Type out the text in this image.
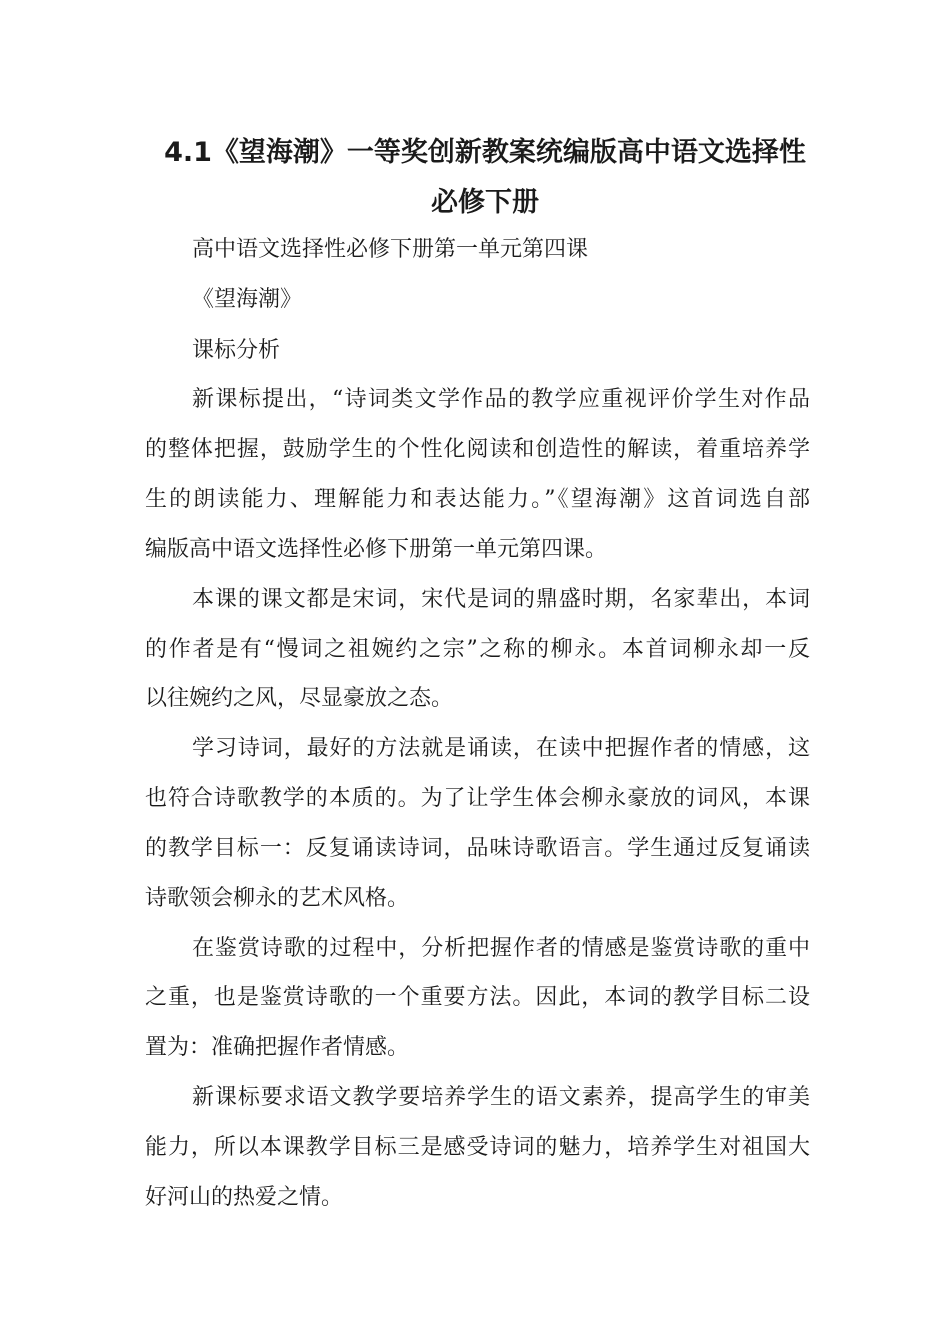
4.1《望海潮》一等奖创新教案统编版高中语文选择性
必修下册

高中语文选择性必修下册第一单元第四课

《望海潮》

课标分析

新课标提出，“诗词类文学作品的教学应重视评价学生对作品

的整体把握，鼓励学生的个性化阅读和创造性的解读，着重培养学

生的朗读能力、理解能力和表达能力。”《望海潮》这首词选自部

编版高中语文选择性必修下册第一单元第四课。

本课的课文都是宋词，宋代是词的鼎盛时期，名家辈出，本词

的作者是有“慢词之祖婉约之宗”之称的柳永。本首词柳永却一反

以往婉约之风，尽显豪放之态。

学习诗词，最好的方法就是诵读，在读中把握作者的情感，这

也符合诗歌教学的本质的。为了让学生体会柳永豪放的词风，本课

的教学目标一：反复诵读诗词，品味诗歌语言。学生通过反复诵读

诗歌领会柳永的艺术风格。

在鉴赏诗歌的过程中，分析把握作者的情感是鉴赏诗歌的重中

之重，也是鉴赏诗歌的一个重要方法。因此，本词的教学目标二设

置为：准确把握作者情感。

新课标要求语文教学要培养学生的语文素养，提高学生的审美

能力，所以本课教学目标三是感受诗词的魅力，培养学生对祖国大

好河山的热爱之情。
